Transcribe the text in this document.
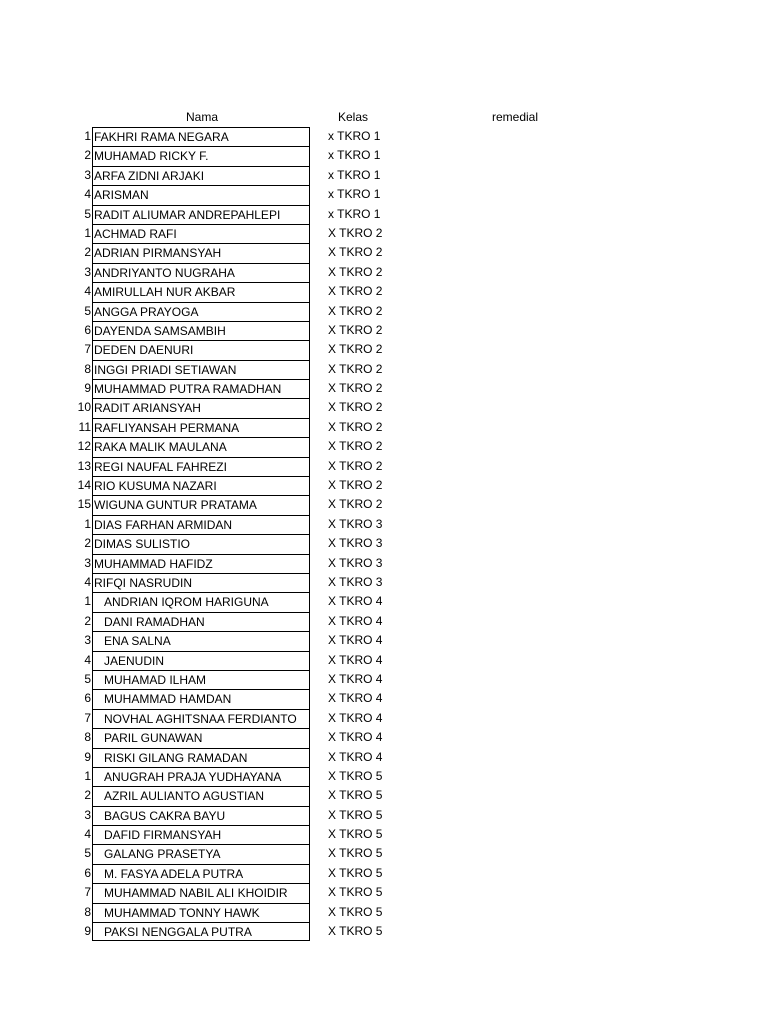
Nama	Kelas	remedial
1 FAKHRI RAMA NEGARA	x TKRO 1
2 MUHAMAD RICKY F.	x TKRO 1
3 ARFA ZIDNI ARJAKI	x TKRO 1
4 ARISMAN	x TKRO 1
5 RADIT ALIUMAR ANDREPAHLEPI	x TKRO 1
1 ACHMAD RAFI	X TKRO 2
2 ADRIAN PIRMANSYAH	X TKRO 2
3 ANDRIYANTO NUGRAHA	X TKRO 2
4 AMIRULLAH NUR AKBAR	X TKRO 2
5 ANGGA PRAYOGA	X TKRO 2
6 DAYENDA SAMSAMBIH	X TKRO 2
7 DEDEN DAENURI	X TKRO 2
8 INGGI PRIADI SETIAWAN	X TKRO 2
9 MUHAMMAD PUTRA RAMADHAN	X TKRO 2
10 RADIT ARIANSYAH	X TKRO 2
11 RAFLIYANSAH PERMANA	X TKRO 2
12 RAKA MALIK MAULANA	X TKRO 2
13 REGI NAUFAL FAHREZI	X TKRO 2
14 RIO KUSUMA NAZARI	X TKRO 2
15 WIGUNA GUNTUR PRATAMA	X TKRO 2
1 DIAS FARHAN ARMIDAN	X TKRO 3
2 DIMAS SULISTIO	X TKRO 3
3 MUHAMMAD HAFIDZ	X TKRO 3
4 RIFQI NASRUDIN	X TKRO 3
1	ANDRIAN IQROM HARIGUNA	X TKRO 4
2	DANI RAMADHAN	X TKRO 4
3	ENA SALNA	X TKRO 4
4	JAENUDIN	X TKRO 4
5	MUHAMAD ILHAM	X TKRO 4
6	MUHAMMAD HAMDAN	X TKRO 4
7	NOVHAL AGHITSNAA FERDIANTO	X TKRO 4
8	PARIL GUNAWAN	X TKRO 4
9	RISKI GILANG RAMADAN	X TKRO 4
1	ANUGRAH PRAJA YUDHAYANA	X TKRO 5
2	AZRIL AULIANTO AGUSTIAN	X TKRO 5
3	BAGUS CAKRA BAYU	X TKRO 5
4	DAFID FIRMANSYAH	X TKRO 5
5	GALANG PRASETYA	X TKRO 5
6	M. FASYA ADELA PUTRA	X TKRO 5
7	MUHAMMAD NABIL ALI KHOIDIR	X TKRO 5
8	MUHAMMAD TONNY HAWK	X TKRO 5
9	PAKSI NENGGALA PUTRA	X TKRO 5
